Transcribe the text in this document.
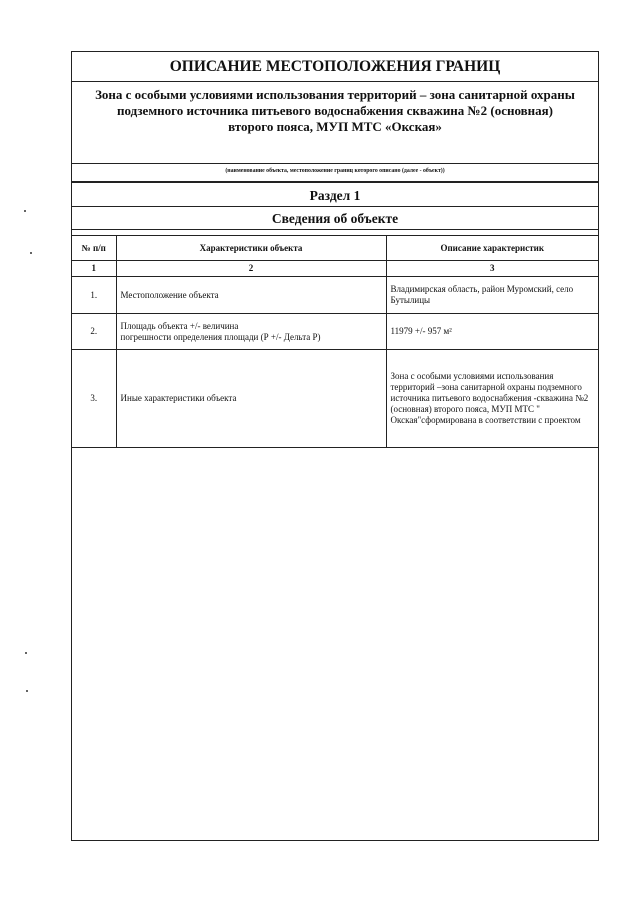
ОПИСАНИЕ МЕСТОПОЛОЖЕНИЯ ГРАНИЦ
Зона с особыми условиями использования территорий – зона санитарной охраны
подземного источника питьевого водоснабжения скважина №2 (основная)
второго пояса, МУП МТС «Окская»
(наименование объекта, местоположение границ которого описано (далее - объект))
Раздел 1
Сведения об объекте
№ п/п	Характеристики объекта	Описание характеристик
1	2	3
1.	Местоположение объекта	Владимирская область, район Муромский, село Бутылицы
2.	Площадь объекта +/- величина
погрешности определения площади (Р +/- Дельта Р)	11979 +/- 957 м²
3.	Иные характеристики объекта	Зона с особыми условиями использования территорий –зона санитарной охраны подземного источника питьевого водоснабжения -скважина №2 (основная) второго пояса, МУП МТС " Окская"сформирована в соответствии с проектом
